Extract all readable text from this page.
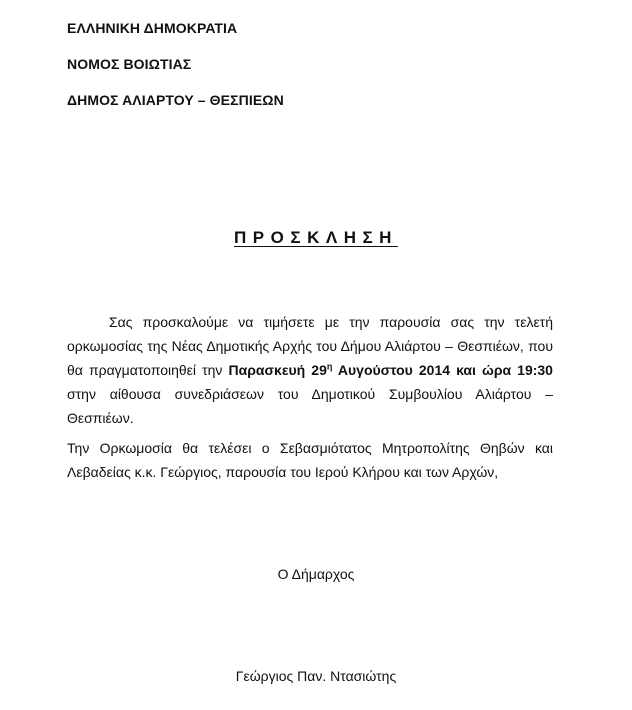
ΕΛΛΗΝΙΚΗ ΔΗΜΟΚΡΑΤΙΑ
ΝΟΜΟΣ ΒΟΙΩΤΙΑΣ
ΔΗΜΟΣ ΑΛΙΑΡΤΟΥ – ΘΕΣΠΙΕΩΝ
ΠΡΟΣΚΛΗΣΗ
Σας προσκαλούμε να τιμήσετε με την παρουσία σας την τελετή ορκωμοσίας της Νέας Δημοτικής Αρχής του Δήμου Αλιάρτου – Θεσπιέων, που θα πραγματοποιηθεί την Παρασκευή $29^\eta$ Αυγούστου 2014 και ώρα 19:30 στην αίθουσα συνεδριάσεων του Δημοτικού Συμβουλίου Αλιάρτου – Θεσπιέων.
Την Ορκωμοσία θα τελέσει ο Σεβασμιότατος Μητροπολίτης Θηβών και Λεβαδείας κ.κ. Γεώργιος, παρουσία του Ιερού Κλήρου και των Αρχών,
Ο Δήμαρχος
Γεώργιος Παν. Ντασιώτης
